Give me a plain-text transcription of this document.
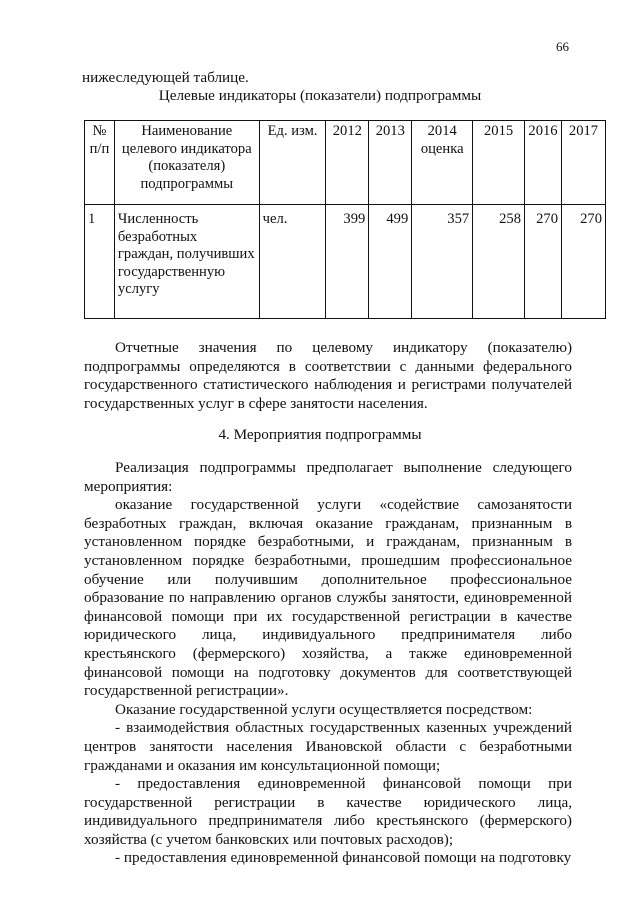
66
нижеследующей таблице.
Целевые индикаторы (показатели) подпрограммы
№ п/п	Наименование целевого индикатора (показателя) подпрограммы	Ед. изм.	2012	2013	2014 оценка	2015	2016	2017
1	Численность безработных граждан, получивших государственную услугу	чел.	399	499	357	258	270	270

Отчетные значения по целевому индикатору (показателю) подпрограммы определяются в соответствии с данными федерального государственного статистического наблюдения и регистрами получателей государственных услуг в сфере занятости населения.

4. Мероприятия подпрограммы

Реализация подпрограммы предполагает выполнение следующего мероприятия:

оказание государственной услуги «содействие самозанятости безработных граждан, включая оказание гражданам, признанным в установленном порядке безработными, и гражданам, признанным в установленном порядке безработными, прошедшим профессиональное обучение или получившим дополнительное профессиональное образование по направлению органов службы занятости, единовременной финансовой помощи при их государственной регистрации в качестве юридического лица, индивидуального предпринимателя либо крестьянского (фермерского) хозяйства, а также единовременной финансовой помощи на подготовку документов для соответствующей государственной регистрации».

Оказание государственной услуги осуществляется посредством:

- взаимодействия областных государственных казенных учреждений центров занятости населения Ивановской области с безработными гражданами и оказания им консультационной помощи;

- предоставления единовременной финансовой помощи при государственной регистрации в качестве юридического лица, индивидуального предпринимателя либо крестьянского (фермерского) хозяйства (с учетом банковских или почтовых расходов);

- предоставления единовременной финансовой помощи на подготовку
